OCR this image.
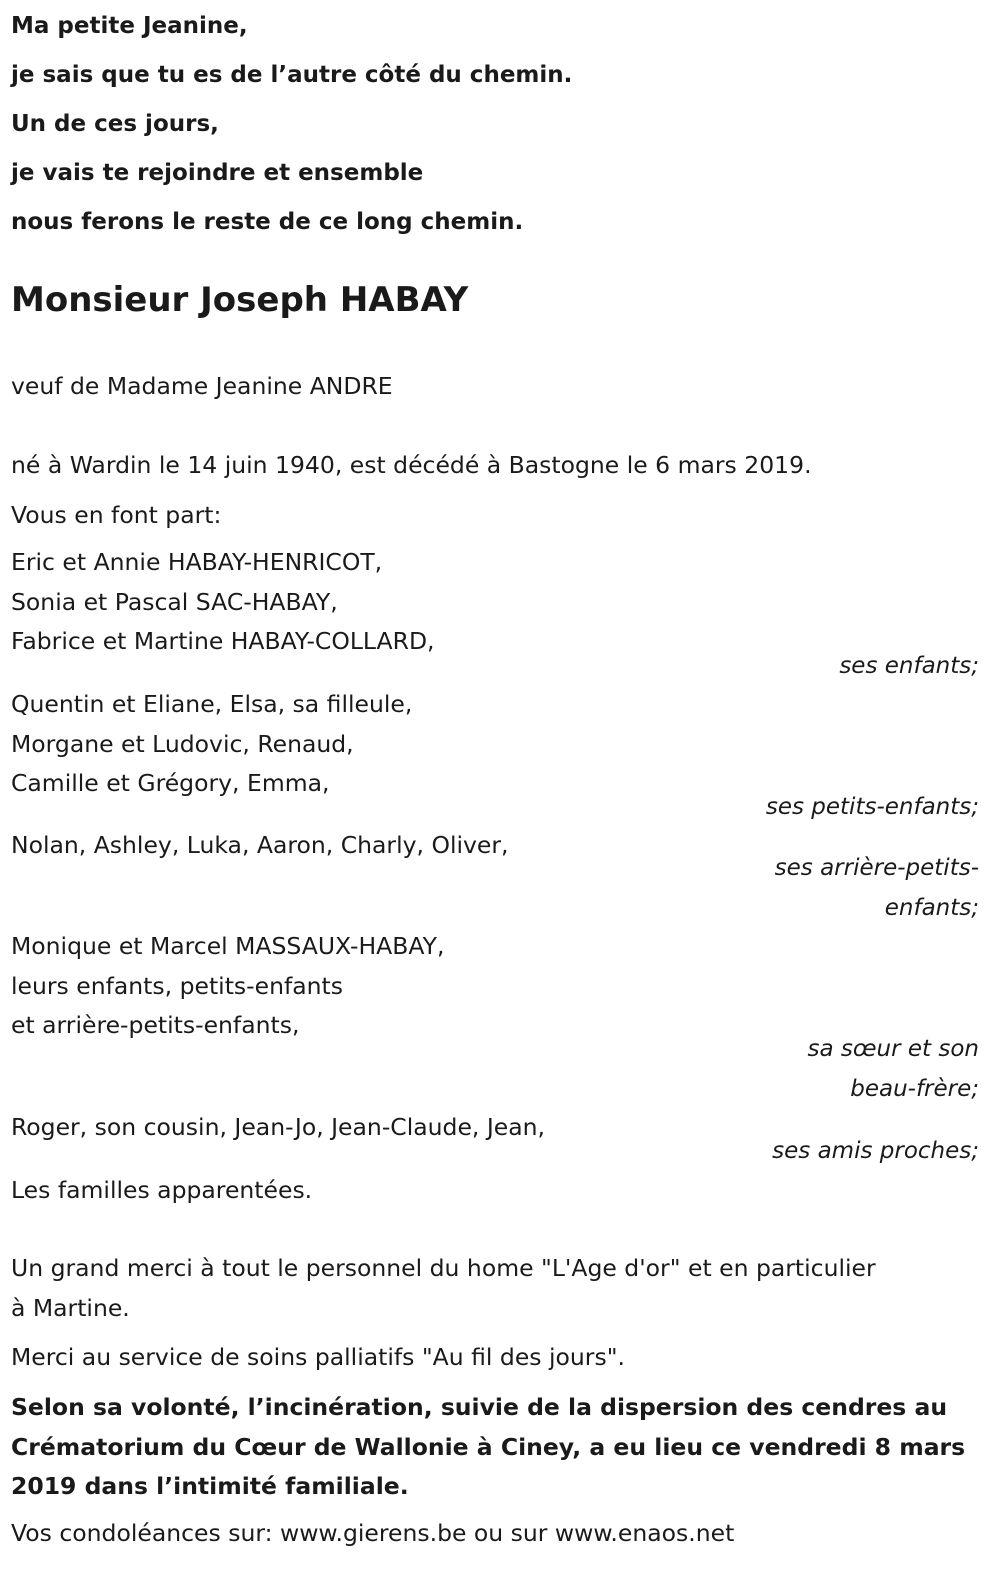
Ma petite Jeanine,
je sais que tu es de l’autre côté du chemin.
Un de ces jours,
je vais te rejoindre et ensemble
nous ferons le reste de ce long chemin.
Monsieur Joseph HABAY

veuf de Madame Jeanine ANDRE

né à Wardin le 14 juin 1940, est décédé à Bastogne le 6 mars 2019.

Vous en font part:

Eric et Annie HABAY-HENRICOT,
Sonia et Pascal SAC-HABAY,
Fabrice et Martine HABAY-COLLARD,

ses enfants;

Quentin et Eliane, Elsa, sa filleule,
Morgane et Ludovic, Renaud,
Camille et Grégory, Emma,

ses petits-enfants;

Nolan, Ashley, Luka, Aaron, Charly, Oliver,

ses arrière-petits-
enfants;

Monique et Marcel MASSAUX-HABAY,
leurs enfants, petits-enfants
et arrière-petits-enfants,

sa sœur et son
beau-frère;

Roger, son cousin, Jean-Jo, Jean-Claude, Jean,

ses amis proches;

Les familles apparentées.

Un grand merci à tout le personnel du home "L'Age d'or" et en particulier à Martine.

Merci au service de soins palliatifs "Au fil des jours".

Selon sa volonté, l’incinération, suivie de la dispersion des cendres au Crématorium du Cœur de Wallonie à Ciney, a eu lieu ce vendredi 8 mars 2019 dans l’intimité familiale.

Vos condoléances sur: www.gierens.be ou sur www.enaos.net
